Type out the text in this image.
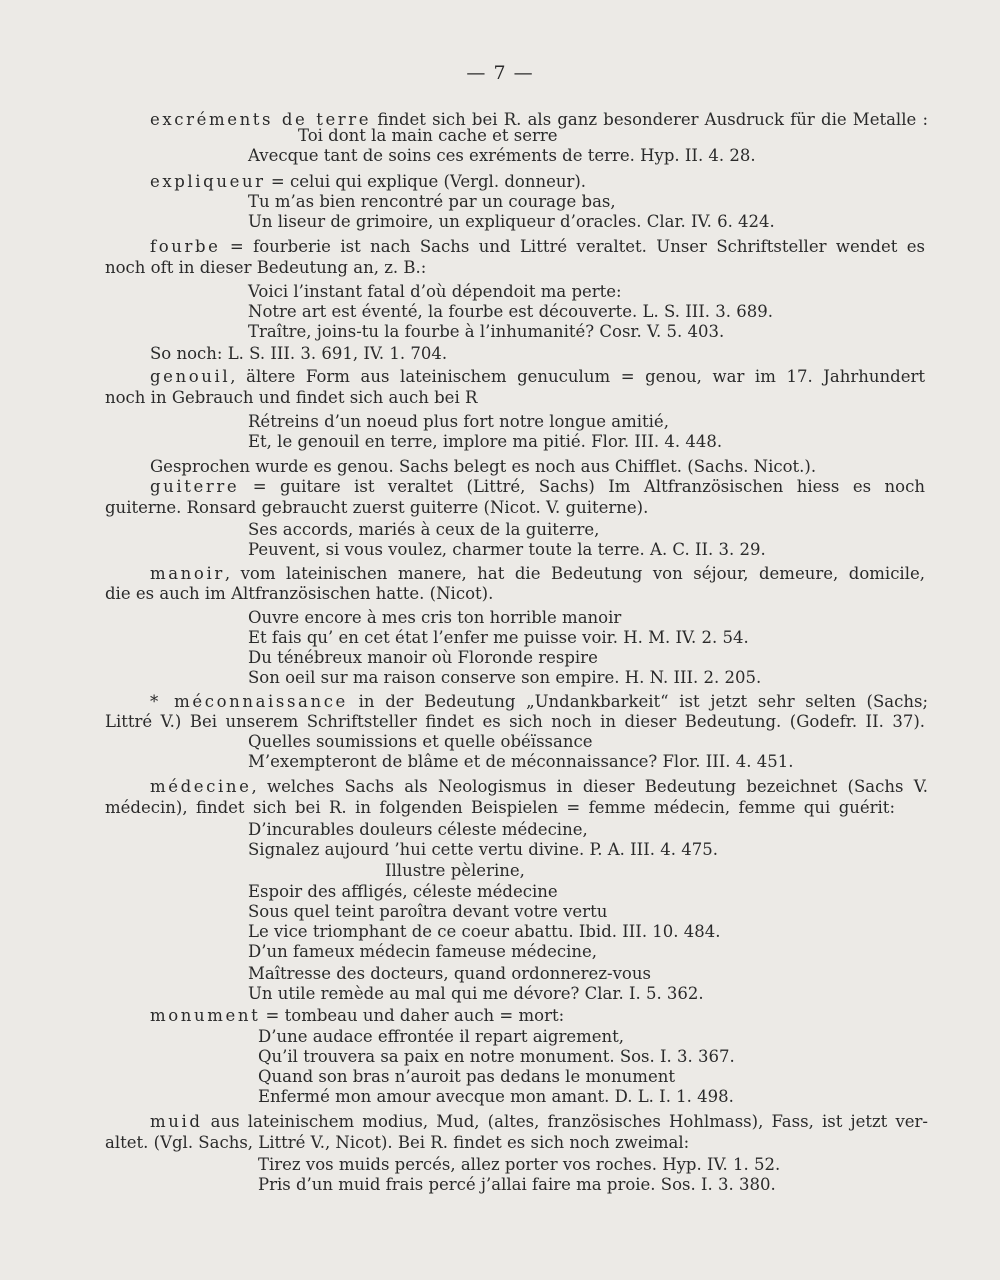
— 7 —
excréments de terre findet sich bei R. als ganz besonderer Ausdruck für die Metalle :
Toi dont la main cache et serre
Avecque tant de soins ces exréments de terre. Hyp. II. 4. 28.
expliqueur = celui qui explique (Vergl. donneur).
Tu m’as bien rencontré par un courage bas,
Un liseur de grimoire, un expliqueur d’oracles. Clar. IV. 6. 424.
fourbe = fourberie ist nach Sachs und Littré veraltet. Unser Schriftsteller wendet es
noch oft in dieser Bedeutung an, z. B.:
Voici l’instant fatal d’où dépendoit ma perte:
Notre art est éventé, la fourbe est découverte. L. S. III. 3. 689.
Traître, joins-tu la fourbe à l’inhumanité? Cosr. V. 5. 403.
So noch: L. S. III. 3. 691, IV. 1. 704.
genouil, ältere Form aus lateinischem genuculum = genou, war im 17. Jahrhundert
noch in Gebrauch und findet sich auch bei R
Rétreins d’un noeud plus fort notre longue amitié,
Et, le genouil en terre, implore ma pitié. Flor. III. 4. 448.
Gesprochen wurde es genou. Sachs belegt es noch aus Chifflet. (Sachs. Nicot.).
guiterre = guitare ist veraltet (Littré, Sachs) Im Altfranzösischen hiess es noch
guiterne. Ronsard gebraucht zuerst guiterre (Nicot. V. guiterne).
Ses accords, mariés à ceux de la guiterre,
Peuvent, si vous voulez, charmer toute la terre. A. C. II. 3. 29.
manoir, vom lateinischen manere, hat die Bedeutung von séjour, demeure, domicile,
die es auch im Altfranzösischen hatte. (Nicot).
Ouvre encore à mes cris ton horrible manoir
Et fais qu’ en cet état l’enfer me puisse voir. H. M. IV. 2. 54.
Du ténébreux manoir où Floronde respire
Son oeil sur ma raison conserve son empire. H. N. III. 2. 205.
* méconnaissance in der Bedeutung „Undankbarkeit“ ist jetzt sehr selten (Sachs;
Littré V.) Bei unserem Schriftsteller findet es sich noch in dieser Bedeutung. (Godefr. II. 37).
Quelles soumissions et quelle obéïssance
M’exempteront de blâme et de méconnaissance? Flor. III. 4. 451.
médecine, welches Sachs als Neologismus in dieser Bedeutung bezeichnet (Sachs V.
médecin), findet sich bei R. in folgenden Beispielen = femme médecin, femme qui guérit:
D’incurables douleurs céleste médecine,
Signalez aujourd ’hui cette vertu divine. P. A. III. 4. 475.
Illustre pèlerine,
Espoir des affligés, céleste médecine
Sous quel teint paroîtra devant votre vertu
Le vice triomphant de ce coeur abattu. Ibid. III. 10. 484.
D’un fameux médecin fameuse médecine,
Maîtresse des docteurs, quand ordonnerez-vous
Un utile remède au mal qui me dévore? Clar. I. 5. 362.
monument = tombeau und daher auch = mort:
D’une audace effrontée il repart aigrement,
Qu’il trouvera sa paix en notre monument. Sos. I. 3. 367.
Quand son bras n’auroit pas dedans le monument
Enfermé mon amour avecque mon amant. D. L. I. 1. 498.
muid aus lateinischem modius, Mud, (altes, französisches Hohlmass), Fass, ist jetzt ver-
altet. (Vgl. Sachs, Littré V., Nicot). Bei R. findet es sich noch zweimal:
Tirez vos muids percés, allez porter vos roches. Hyp. IV. 1. 52.
Pris d’un muid frais percé j’allai faire ma proie. Sos. I. 3. 380.
